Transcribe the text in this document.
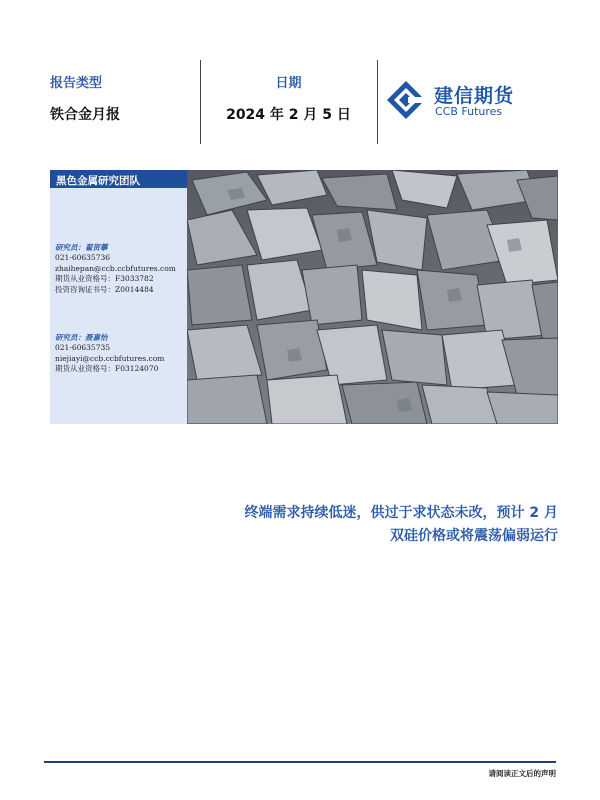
报告类型
铁合金月报
日期
2024 年 2 月 5 日
建信期货
CCB Futures
黑色金属研究团队
研究员：翟贺攀
021-60635736
zhaihepan@ccb.ccbfutures.com
期货从业资格号：F3033782
投资咨询证书号：Z0014484
研究员：聂嘉怡
021-60635735
niejiayi@ccb.ccbfutures.com
期货从业资格号：F03124070
终端需求持续低迷，供过于求状态未改，预计 2 月
双硅价格或将震荡偏弱运行
请阅读正文后的声明
